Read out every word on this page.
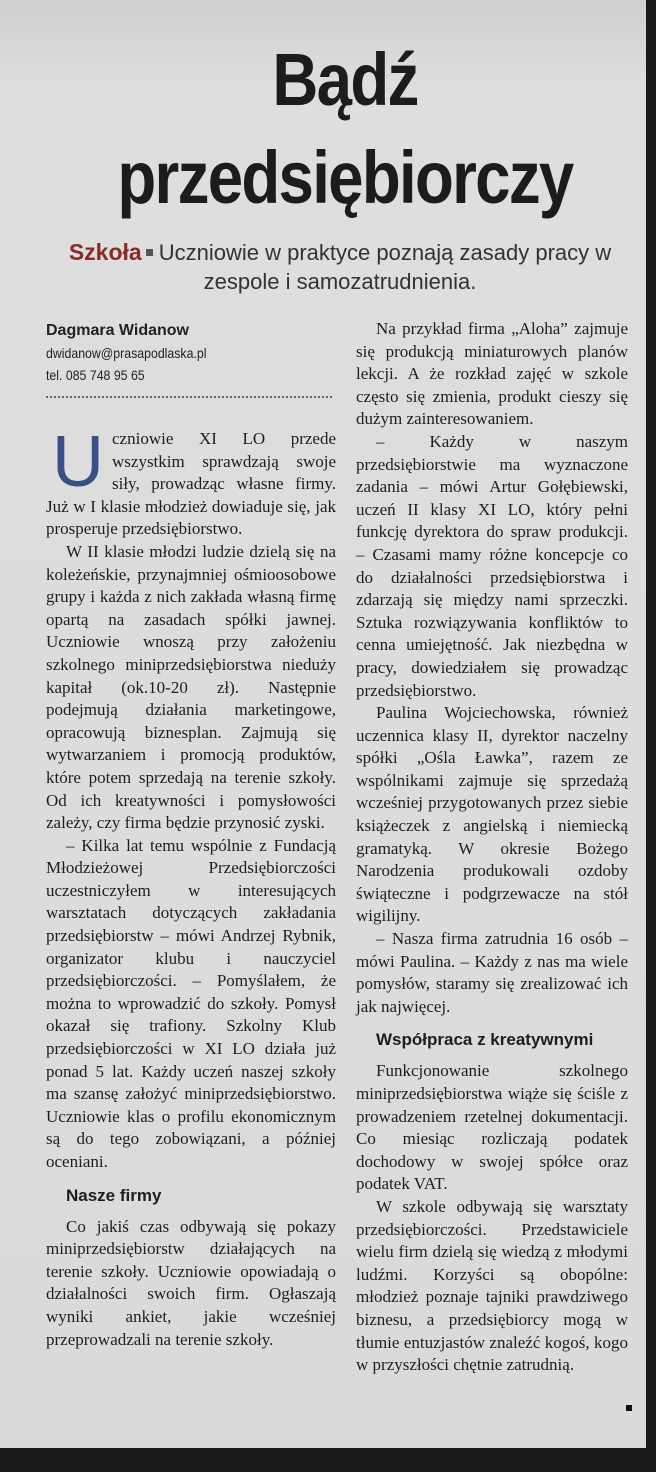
Bądź
przedsiębiorczy
Szkoła Uczniowie w praktyce poznają zasady pracy w zespole i samozatrudnienia.
Dagmara Widanow
dwidanow@prasapodlaska.pl
tel. 085 748 95 65

Uczniowie XI LO przede wszystkim sprawdzają swoje siły, prowadząc własne firmy. Już w I klasie młodzież dowiaduje się, jak prosperuje przedsiębiorstwo.

W II klasie młodzi ludzie dzielą się na koleżeńskie, przynajmniej ośmioosobowe grupy i każda z nich zakłada własną firmę opartą na zasadach spółki jawnej. Uczniowie wnoszą przy założeniu szkolnego miniprzedsiębiorstwa nieduży kapitał (ok.10-20 zł). Następnie podejmują działania marketingowe, opracowują biznesplan. Zajmują się wytwarzaniem i promocją produktów, które potem sprzedają na terenie szkoły. Od ich kreatywności i pomysłowości zależy, czy firma będzie przynosić zyski.

– Kilka lat temu wspólnie z Fundacją Młodzieżowej Przedsiębiorczości uczestniczyłem w interesujących warsztatach dotyczących zakładania przedsiębiorstw – mówi Andrzej Rybnik, organizator klubu i nauczyciel przedsiębiorczości. – Pomyślałem, że można to wprowadzić do szkoły. Pomysł okazał się trafiony. Szkolny Klub przedsiębiorczości w XI LO działa już ponad 5 lat. Każdy uczeń naszej szkoły ma szansę założyć miniprzedsiębiorstwo. Uczniowie klas o profilu ekonomicznym są do tego zobowiązani, a później oceniani.

Nasze firmy

Co jakiś czas odbywają się pokazy miniprzedsiębiorstw działających na terenie szkoły. Uczniowie opowiadają o działalności swoich firm. Ogłaszają wyniki ankiet, jakie wcześniej przeprowadzali na terenie szkoły.

Na przykład firma „Aloha” zajmuje się produkcją miniaturowych planów lekcji. A że rozkład zajęć w szkole często się zmienia, produkt cieszy się dużym zainteresowaniem.

– Każdy w naszym przedsiębiorstwie ma wyznaczone zadania – mówi Artur Gołębiewski, uczeń II klasy XI LO, który pełni funkcję dyrektora do spraw produkcji. – Czasami mamy różne koncepcje co do działalności przedsiębiorstwa i zdarzają się między nami sprzeczki. Sztuka rozwiązywania konfliktów to cenna umiejętność. Jak niezbędna w pracy, dowiedziałem się prowadząc przedsiębiorstwo.

Paulina Wojciechowska, również uczennica klasy II, dyrektor naczelny spółki „Ośla Ławka”, razem ze wspólnikami zajmuje się sprzedażą wcześniej przygotowanych przez siebie książeczek z angielską i niemiecką gramatyką. W okresie Bożego Narodzenia produkowali ozdoby świąteczne i podgrzewacze na stół wigilijny.

– Nasza firma zatrudnia 16 osób – mówi Paulina. – Każdy z nas ma wiele pomysłów, staramy się zrealizować ich jak najwięcej.

Współpraca z kreatywnymi

Funkcjonowanie szkolnego miniprzedsiębiorstwa wiąże się ściśle z prowadzeniem rzetelnej dokumentacji. Co miesiąc rozliczają podatek dochodowy w swojej spółce oraz podatek VAT.

W szkole odbywają się warsztaty przedsiębiorczości. Przedstawiciele wielu firm dzielą się wiedzą z młodymi ludźmi. Korzyści są obopólne: młodzież poznaje tajniki prawdziwego biznesu, a przedsiębiorcy mogą w tłumie entuzjastów znaleźć kogoś, kogo w przyszłości chętnie zatrudnią.
